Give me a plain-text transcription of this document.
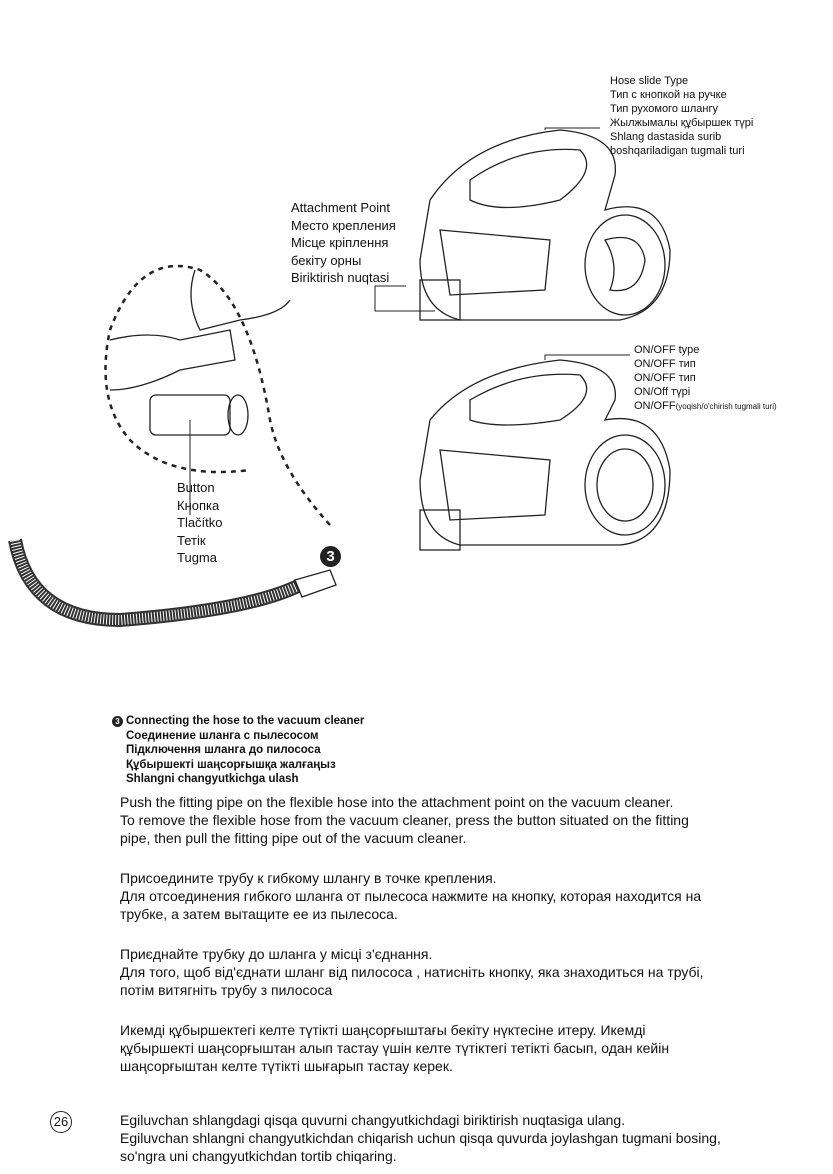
Hose slide Type
Тип с кнопкой на ручке
Тип рухомого шлангу
Жылжымалы құбыршек түрі
Shlang dastasida surib
boshqariladigan tugmali turi
Attachment Point
Место крепления
Місце кріплення
бекіту орны
Biriktirish nuqtasi
ON/OFF type
ON/OFF тип
ON/OFF тип
ON/Off түрі
ON/OFF(yoqish/o'chirish tugmali turi)
Button
Кнопка
Tlačítko
Тетік
Tugma	3
3 Connecting the hose to the vacuum cleaner
Соединение шланга с пылесосом
Підключення шланга до пилососа
Құбыршекті шаңсорғышқа жалғаңыз
Shlangni changyutkichga ulash
Push the fitting pipe on the flexible hose into the attachment point on the vacuum cleaner.
To remove the flexible hose from the vacuum cleaner, press the button situated on the fitting
pipe, then pull the fitting pipe out of the vacuum cleaner.
Присоедините трубу к гибкому шлангу в точке крепления.
Для отсоединения гибкого шланга от пылесоса нажмите на кнопку, которая находится на
трубке, а затем вытащите ее из пылесоса.
Приєднайте трубку до шланга у місці з'єднання.
Для того, щоб від'єднати шланг від пилососа , натисніть кнопку, яка знаходиться на трубі,
потім витягніть трубу з пилососа
Икемді құбыршектегі келте түтікті шаңсорғыштағы бекіту нүктесіне итеру. Икемді
құбыршекті шаңсорғыштан алып тастау үшін келте түтіктегі тетікті басып, одан кейін
шаңсорғыштан келте түтікті шығарып тастау керек.
Egiluvchan shlangdagi qisqa quvurni changyutkichdagi biriktirish nuqtasiga ulang.
Egiluvchan shlangni changyutkichdan chiqarish uchun qisqa quvurda joylashgan tugmani bosing,
so'ngra uni changyutkichdan tortib chiqaring.
26
